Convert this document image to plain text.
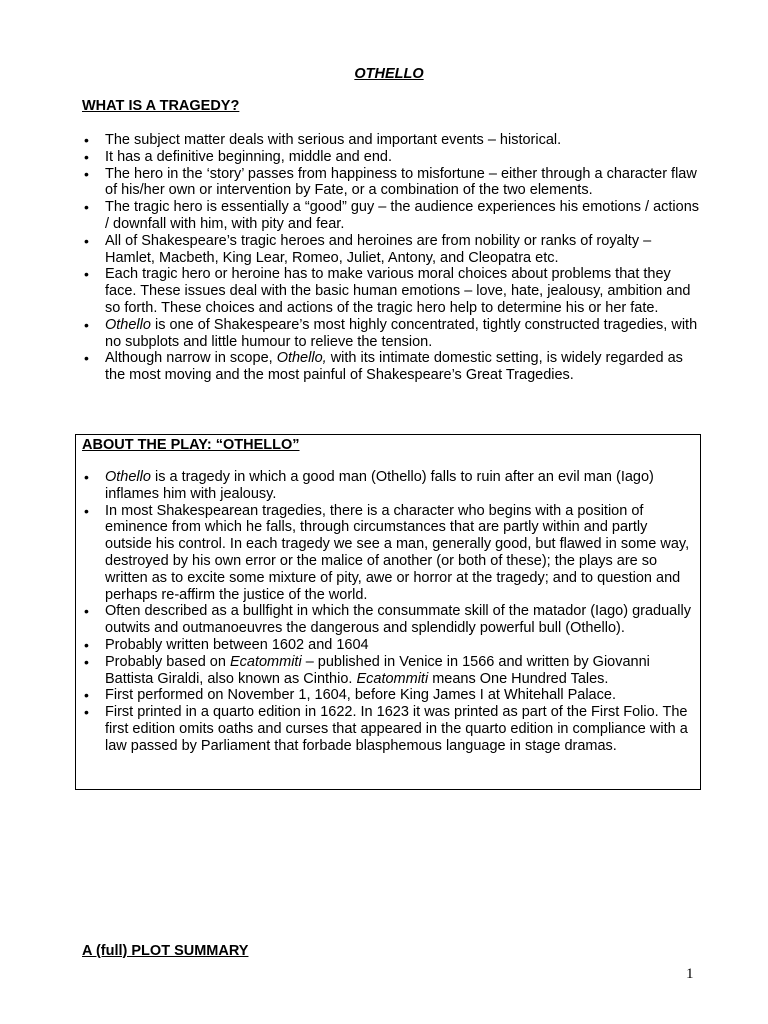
OTHELLO
WHAT IS A TRAGEDY?
• The subject matter deals with serious and important events – historical.
• It has a definitive beginning, middle and end.
• The hero in the ‘story’ passes from happiness to misfortune – either through a character flaw of his/her own or intervention by Fate, or a combination of the two elements.
• The tragic hero is essentially a “good” guy – the audience experiences his emotions / actions / downfall with him, with pity and fear.
• All of Shakespeare’s tragic heroes and heroines are from nobility or ranks of royalty – Hamlet, Macbeth, King Lear, Romeo, Juliet, Antony, and Cleopatra etc.
• Each tragic hero or heroine has to make various moral choices about problems that they face. These issues deal with the basic human emotions – love, hate, jealousy, ambition and so forth. These choices and actions of the tragic hero help to determine his or her fate.
• Othello is one of Shakespeare’s most highly concentrated, tightly constructed tragedies, with no subplots and little humour to relieve the tension.
• Although narrow in scope, Othello, with its intimate domestic setting, is widely regarded as the most moving and the most painful of Shakespeare’s Great Tragedies.
ABOUT THE PLAY: “OTHELLO”
• Othello is a tragedy in which a good man (Othello) falls to ruin after an evil man (Iago) inflames him with jealousy.
• In most Shakespearean tragedies, there is a character who begins with a position of eminence from which he falls, through circumstances that are partly within and partly outside his control. In each tragedy we see a man, generally good, but flawed in some way, destroyed by his own error or the malice of another (or both of these); the plays are so written as to excite some mixture of pity, awe or horror at the tragedy; and to question and perhaps re-affirm the justice of the world.
• Often described as a bullfight in which the consummate skill of the matador (Iago) gradually outwits and outmanoeuvres the dangerous and splendidly powerful bull (Othello).
• Probably written between 1602 and 1604
• Probably based on Ecatommiti – published in Venice in 1566 and written by Giovanni Battista Giraldi, also known as Cinthio. Ecatommiti means One Hundred Tales.
• First performed on November 1, 1604, before King James I at Whitehall Palace.
• First printed in a quarto edition in 1622. In 1623 it was printed as part of the First Folio. The first edition omits oaths and curses that appeared in the quarto edition in compliance with a law passed by Parliament that forbade blasphemous language in stage dramas.
A (full) PLOT SUMMARY
1
